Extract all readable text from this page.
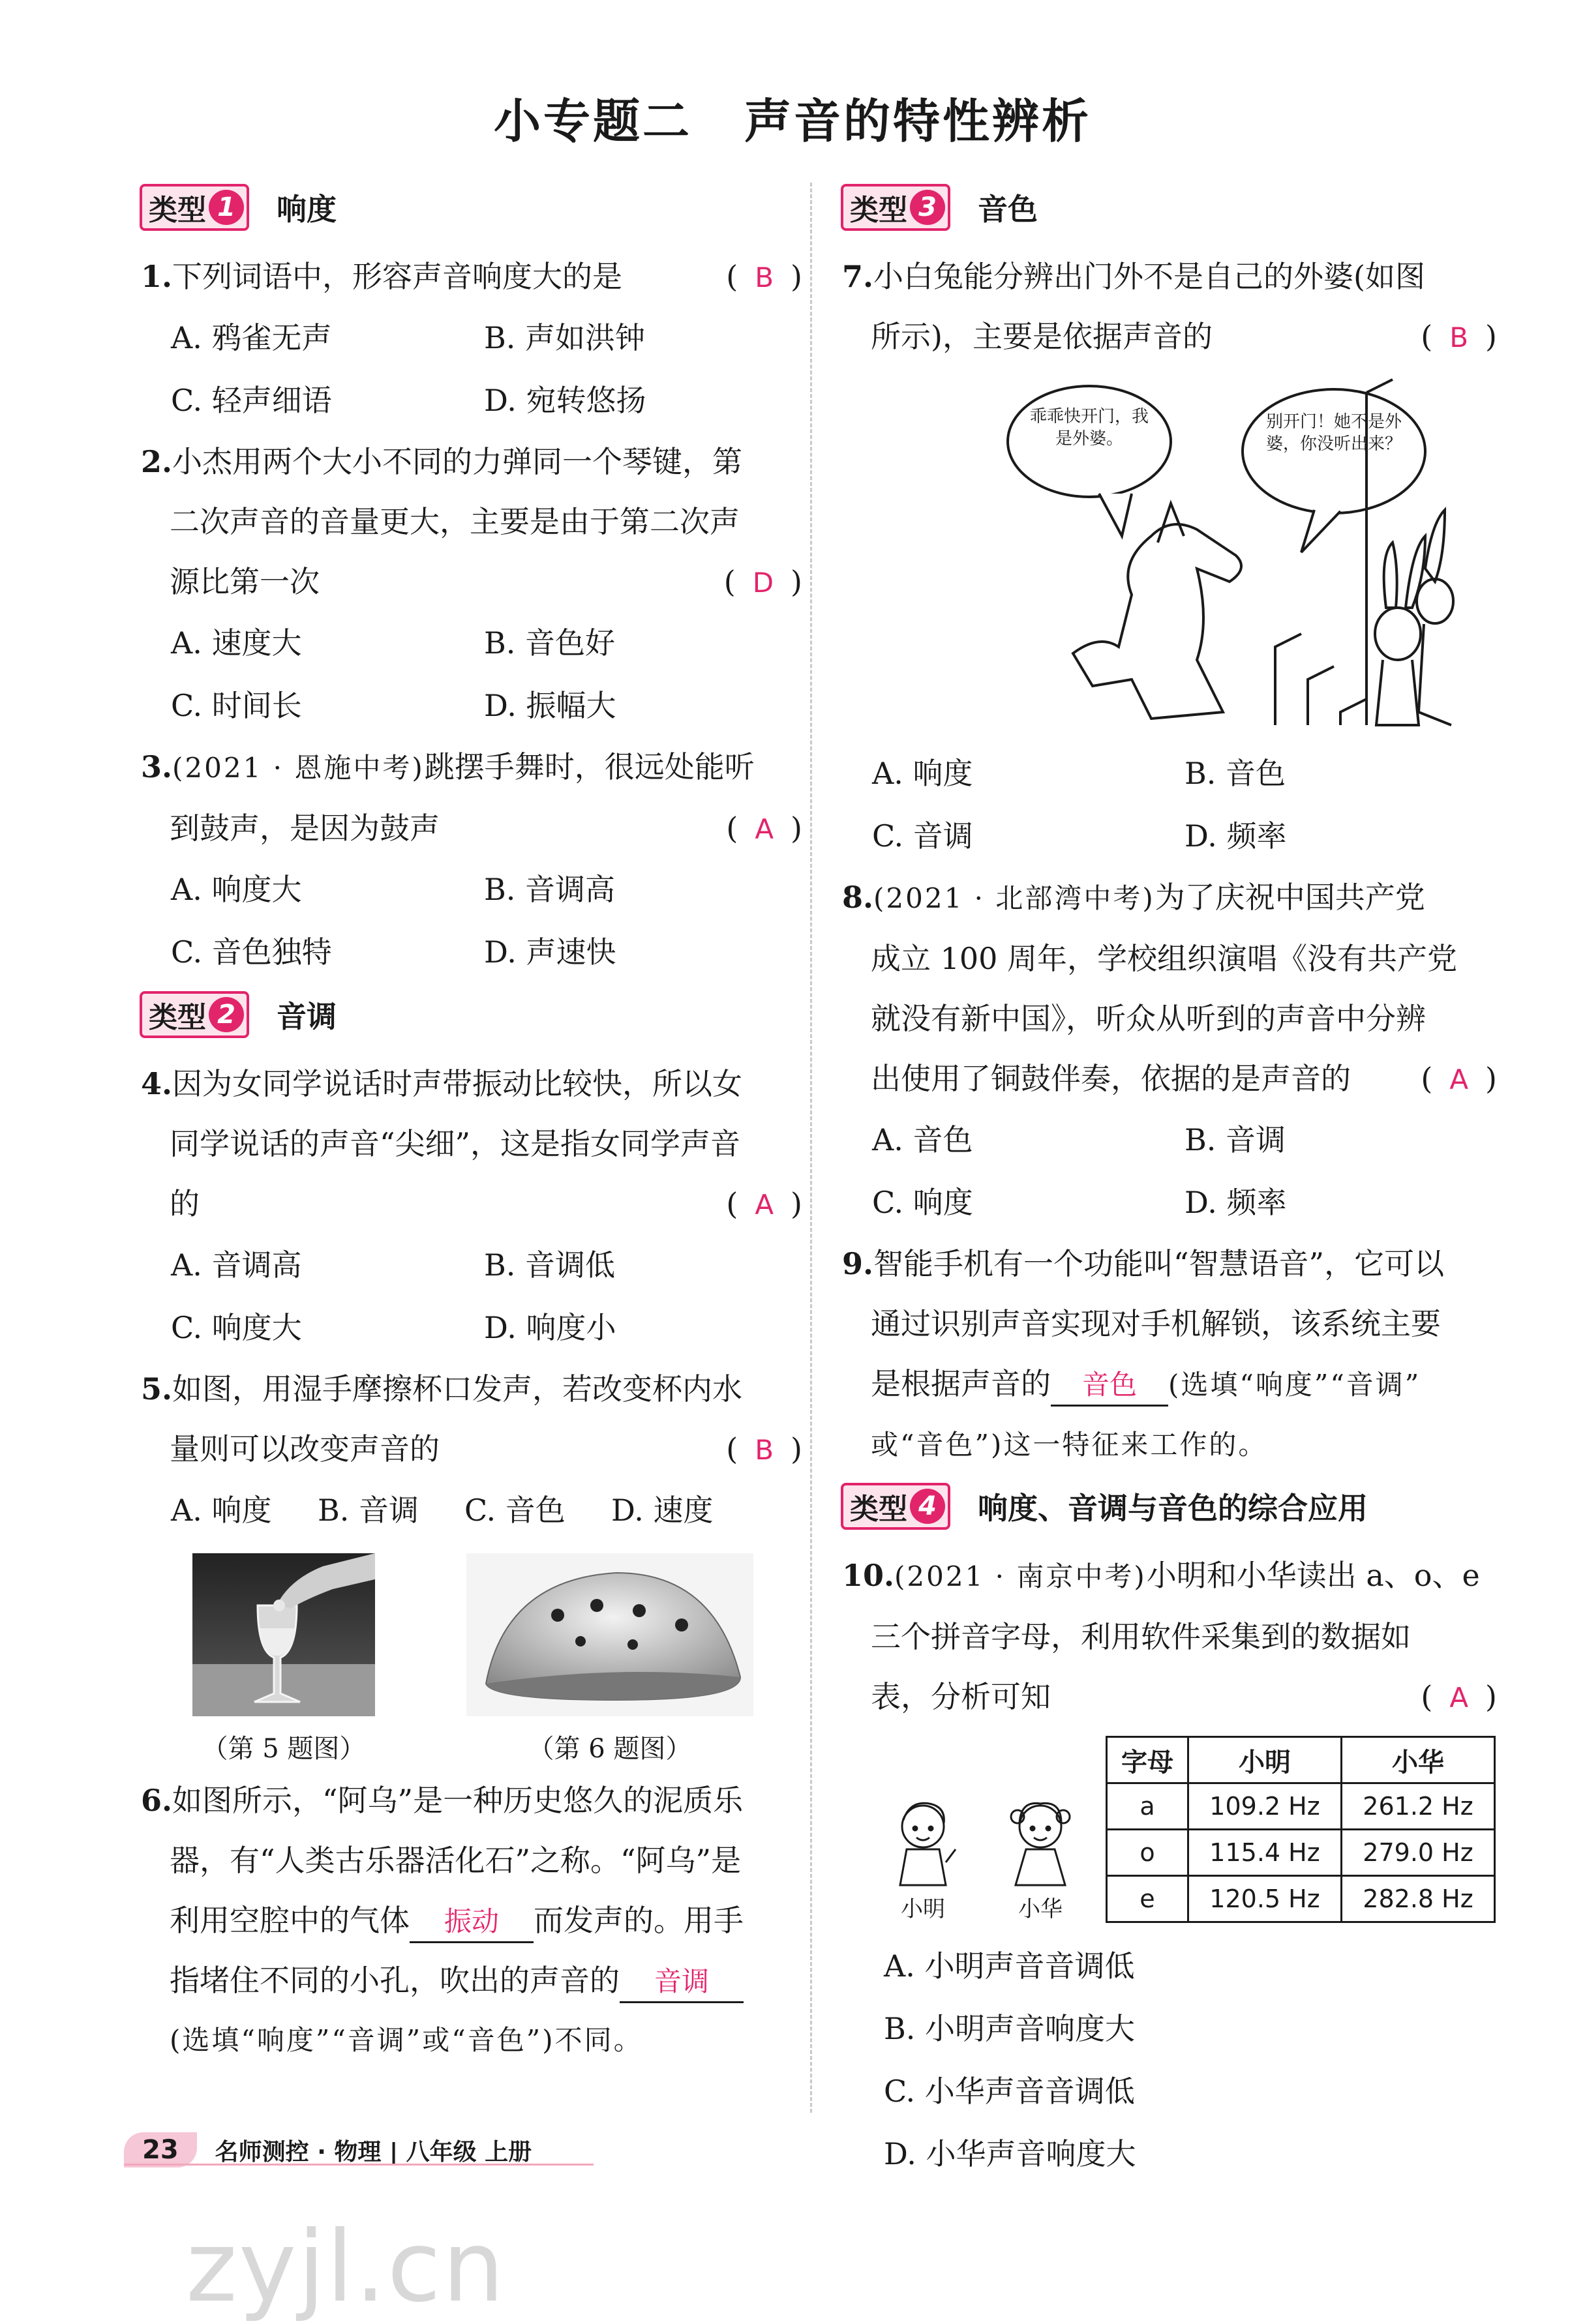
小专题二 声音的特性辨析
类型 1 响度
1.下列词语中，形容声音响度大的是	( B )
A. 鸦雀无声	B. 声如洪钟
C. 轻声细语	D. 宛转悠扬
2.小杰用两个大小不同的力弹同一个琴键，第
二次声音的音量更大，主要是由于第二次声
源比第一次	( D )
A. 速度大	B. 音色好
C. 时间长	D. 振幅大
3.(2021 · 恩施中考)跳摆手舞时，很远处能听
到鼓声，是因为鼓声	( A )
A. 响度大	B. 音调高
C. 音色独特	D. 声速快
类型 2 音调
4.因为女同学说话时声带振动比较快，所以女
同学说话的声音“尖细”，这是指女同学声音
的	( A )
A. 音调高	B. 音调低
C. 响度大	D. 响度小
5.如图，用湿手摩擦杯口发声，若改变杯内水
量则可以改变声音的	( B )
A. 响度	B. 音调	C. 音色	D. 速度
（第 5 题图）	（第 6 题图）
6.如图所示，“阿乌”是一种历史悠久的泥质乐
器，有“人类古乐器活化石”之称。“阿乌”是
利用空腔中的气体 振动 而发声的。用手
指堵住不同的小孔，吹出的声音的 音调
(选填“响度”“音调”或“音色”)不同。
类型 3 音色
7.小白兔能分辨出门外不是自己的外婆(如图
所示)，主要是依据声音的	( B )
乖乖快开门，我是外婆。
别开门！她不是外婆，你没听出来？
A. 响度	B. 音色
C. 音调	D. 频率
8.(2021 · 北部湾中考)为了庆祝中国共产党
成立 100 周年，学校组织演唱《没有共产党
就没有新中国》，听众从听到的声音中分辨
出使用了铜鼓伴奏，依据的是声音的 ( A )
A. 音色	B. 音调
C. 响度	D. 频率
9.智能手机有一个功能叫“智慧语音”，它可以
通过识别声音实现对手机解锁，该系统主要
是根据声音的 音色 (选填“响度”“音调”
或“音色”)这一特征来工作的。
类型 4 响度、音调与音色的综合应用
10.(2021 · 南京中考)小明和小华读出 a、o、e
三个拼音字母，利用软件采集到的数据如
表，分析可知	( A )
小明	小华
字母	小明	小华
a	109.2 Hz	261.2 Hz
o	115.4 Hz	279.0 Hz
e	120.5 Hz	282.8 Hz
A. 小明声音音调低
B. 小明声音响度大
C. 小华声音音调低
D. 小华声音响度大
23	名师测控 · 物理 | 八年级 上册
zyjl.cn
